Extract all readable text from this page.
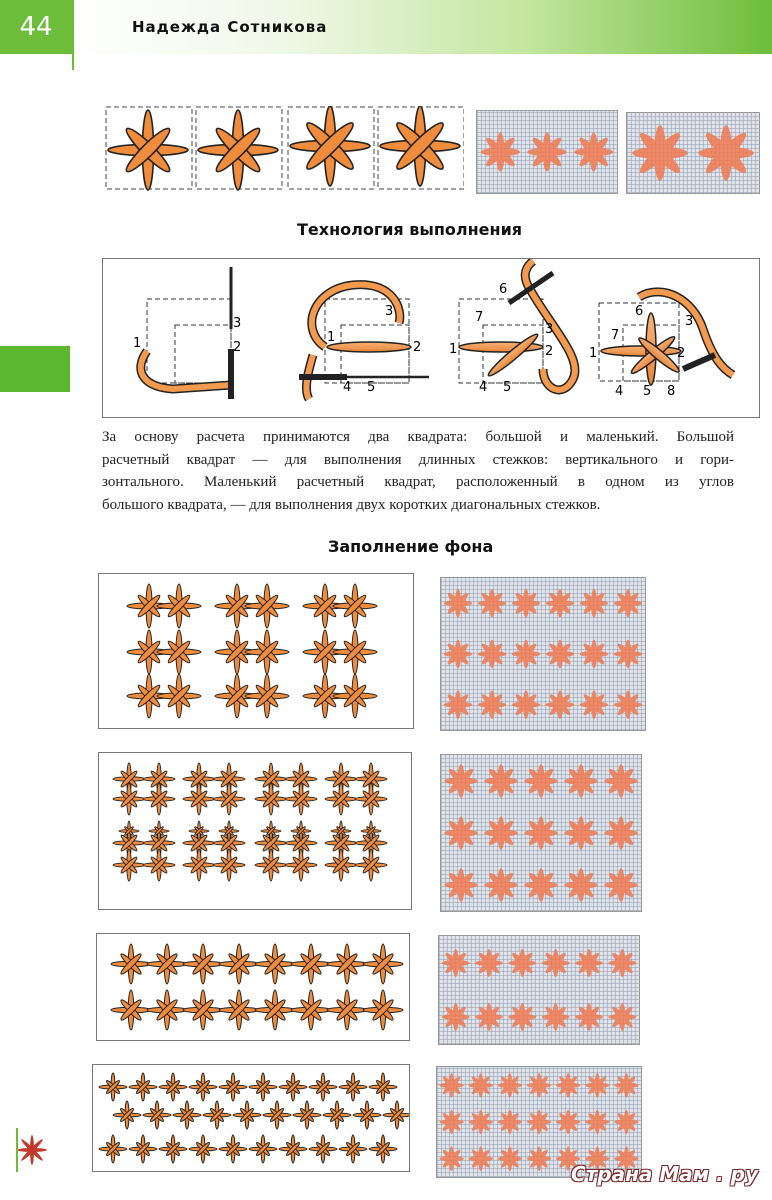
44	Надежда Сотникова
Технология выполнения
3
2
1
3
2
1
4 5
6
7
3
2
1
4 5
6
7
3
2
1
4 5 8
За основу расчета принимаются два квадрата: большой и маленький. Большой
расчетный квадрат — для выполнения длинных стежков: вертикального и гори-
зонтального. Маленький расчетный квадрат, расположенный в одном из углов
большого квадрата, — для выполнения двух коротких диагональных стежков.
Заполнение фона
Страна Мам . ру
